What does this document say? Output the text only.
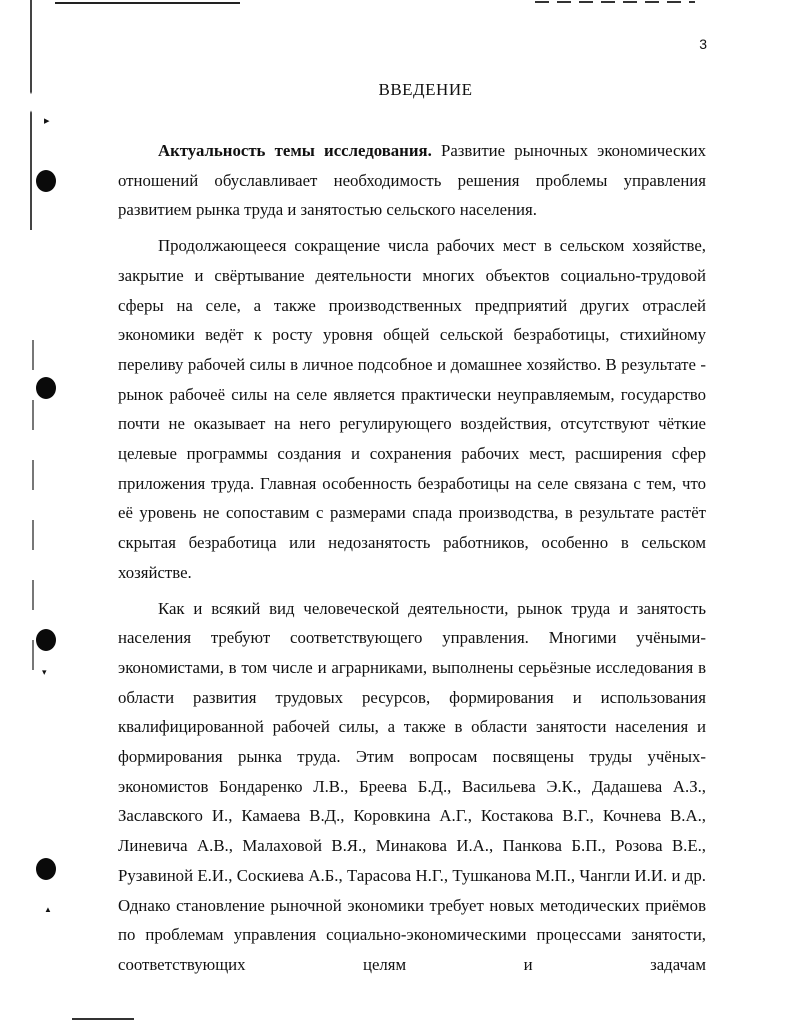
▸
▾
▲
3
ВВЕДЕНИЕ

Актуальность темы исследования. Развитие рыночных экономических отношений обуславливает необходимость решения проблемы управления развитием рынка труда и занятостью сельского населения.

Продолжающееся сокращение числа рабочих мест в сельском хозяйстве, закрытие и свёртывание деятельности многих объектов социально-трудовой сферы на селе, а также производственных предприятий других отраслей экономики ведёт к росту уровня общей сельской безработицы, стихийному переливу рабочей силы в личное подсобное и домашнее хозяйство. В результате - рынок рабочеё силы на селе является практически неуправляемым, государство почти не оказывает на него регулирующего воздействия, отсутствуют чёткие целевые программы создания и сохранения рабочих мест, расширения сфер приложения труда. Главная особенность безработицы на селе связана с тем, что её уровень не сопоставим с размерами спада производства, в результате растёт скрытая безработица или недозанятость работников, особенно в сельском хозяйстве.

Как и всякий вид человеческой деятельности, рынок труда и занятость населения требуют соответствующего управления. Многими учёными-экономистами, в том числе и аграрниками, выполнены серьёзные исследования в области развития трудовых ресурсов, формирования и использования квалифицированной рабочей силы, а также в области занятости населения и формирования рынка труда. Этим вопросам посвящены труды учёных-экономистов Бондаренко Л.В., Бреева Б.Д., Васильева Э.К., Дадашева А.З., Заславского И., Камаева В.Д., Коровкина А.Г., Костакова В.Г., Кочнева В.А., Линевича А.В., Малаховой В.Я., Минакова И.А., Панкова Б.П., Розова В.Е., Рузавиной Е.И., Соскиева А.Б., Тарасова Н.Г., Тушканова М.П., Чангли И.И. и др. Однако становление рыночной экономики требует новых методических приёмов по проблемам управления социально-экономическими процессами занятости, соответствующих целям и задачам
